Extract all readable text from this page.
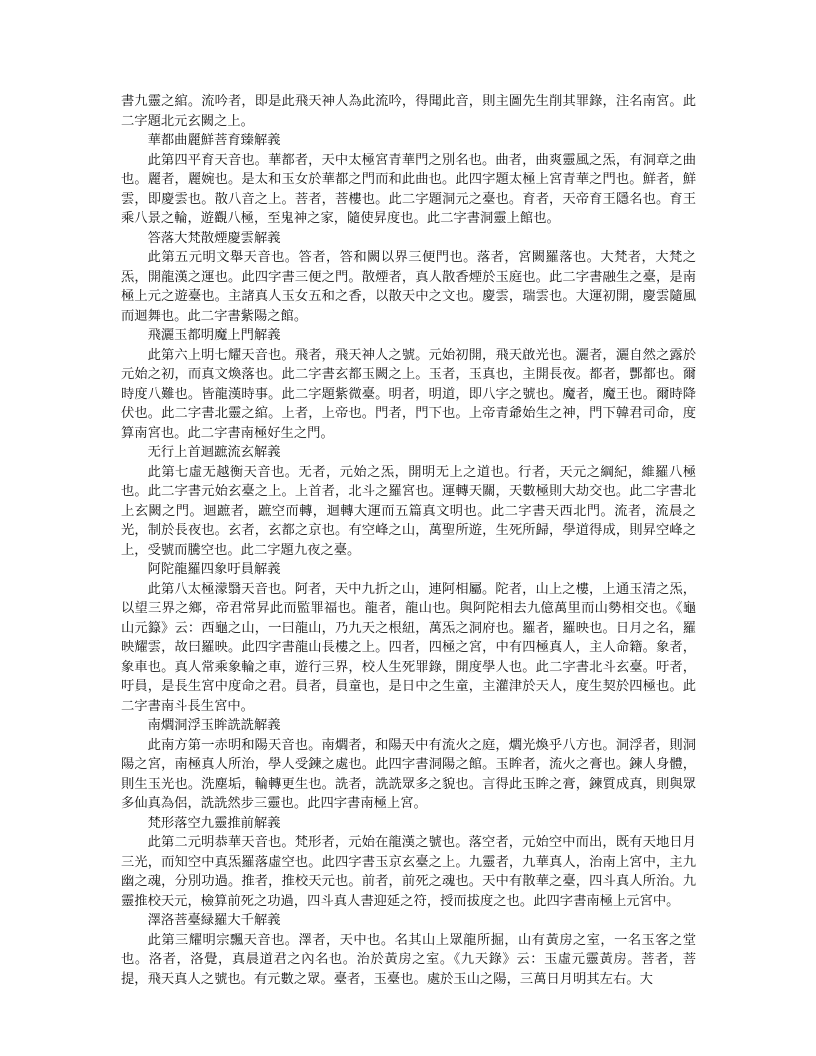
書九靈之綰。流吟者，即是此飛天神人為此流吟，得聞此音，則主圖先生削其罪錄，注名南宮。此二字題北元玄闕之上。

華都曲麗鮮菩育臻解義

此第四平育天音也。華都者，天中太極宮青華門之別名也。曲者，曲爽靈風之炁，有洞章之曲也。麗者，麗婉也。是太和玉女於華都之門而和此曲也。此四字題太極上宮青華之門也。鮮者，鮮雲，即慶雲也。散八音之上。菩者，菩樓也。此二字題洞元之臺也。育者，天帝育王隱名也。育王乘八景之輪，遊觀八極，至鬼神之家，隨使昇度也。此二字書洞靈上館也。

答落大梵散煙慶雲解義

此第五元明文舉天音也。答者，答和闕以界三便門也。落者，宮闕羅落也。大梵者，大梵之炁，開龍漢之運也。此四字書三便之門。散煙者，真人散香煙於玉庭也。此二字書融生之臺，是南極上元之遊臺也。主諸真人玉女五和之香，以散天中之文也。慶雲，瑞雲也。大運初開，慶雲隨風而迴舞也。此二字書紫陽之館。

飛灑玉都明魔上門解義

此第六上明七耀天音也。飛者，飛天神人之號。元始初開，飛天啟光也。灑者，灑自然之露於元始之初，而真文煥落也。此二字書玄都玉闕之上。玉者，玉真也，主開長夜。都者，酆都也。爾時度八難也。皆龍漢時事。此二字題紫微臺。明者，明道，即八字之號也。魔者，魔王也。爾時降伏也。此二字書北靈之綰。上者，上帝也。門者，門下也。上帝青爺始生之神，門下韓君司命，度算南宮也。此二字書南極好生之門。

无行上首迴蹠流玄解義

此第七虛无越衡天音也。无者，元始之炁，開明无上之道也。行者，天元之綱紀，維羅八極也。此二字書元始玄臺之上。上首者，北斗之羅宮也。運轉天關，天數極則大劫交也。此二字書北上玄闕之門。迴蹠者，蹠空而轉，迴轉大運而五篇真文明也。此二字書天西北門。流者，流晨之光，制於長夜也。玄者，玄都之京也。有空峰之山，萬聖所遊，生死所歸，學道得成，則昇空峰之上，受號而騰空也。此二字題九夜之臺。

阿陀龍羅四象吁員解義

此第八太極濛翳天音也。阿者，天中九折之山，連阿相屬。陀者，山上之樓，上通玉清之炁，以望三界之鄉，帝君常昇此而監罪福也。龍者，龍山也。與阿陀相去九億萬里而山勢相交也。《龜山元籙》云：西龜之山，一曰龍山，乃九天之根紐，萬炁之洞府也。羅者，羅映也。日月之名，羅映耀雲，故曰羅映。此四字書龍山長樓之上。四者，四極之宮，中有四極真人，主人命籍。象者，象車也。真人常乘象輪之車，遊行三界，校人生死罪錄，開度學人也。此二字書北斗玄臺。吁者，吁員，是長生宮中度命之君。員者，員童也，是日中之生童，主灌津於天人，度生契於四極也。此二字書南斗長生宮中。

南爓洞浮玉眸詵詵解義

此南方第一赤明和陽天音也。南爓者，和陽天中有流火之庭，爓光煥乎八方也。洞浮者，則洞陽之宮，南極真人所治，學人受鍊之處也。此四字書洞陽之館。玉眸者，流火之膏也。鍊人身體，則生玉光也。洗塵垢，輪轉更生也。詵者，詵詵眾多之貌也。言得此玉眸之膏，鍊質成真，則與眾多仙真為侶，詵詵然步三靈也。此四字書南極上宮。

梵形落空九靈推前解義

此第二元明恭華天音也。梵形者，元始在龍漢之號也。落空者，元始空中而出，既有天地日月三光，而知空中真炁羅落虛空也。此四字書玉京玄臺之上。九靈者，九華真人，治南上宮中，主九幽之魂，分別功過。推者，推校天元也。前者，前死之魂也。天中有散華之臺，四斗真人所治。九靈推校天元，檢算前死之功過，四斗真人書迎延之符，授而拔度之也。此四字書南極上元宮中。

澤洛菩臺緑羅大千解義

此第三耀明宗飄天音也。澤者，天中也。名其山上眾龍所掘，山有黃房之室，一名玉客之堂也。洛者，洛覺，真晨道君之內名也。治於黃房之室。《九天錄》云：玉虛元靈黃房。菩者，菩提，飛天真人之號也。有元數之眾。臺者，玉臺也。處於玉山之陽，三萬日月明其左右。大
